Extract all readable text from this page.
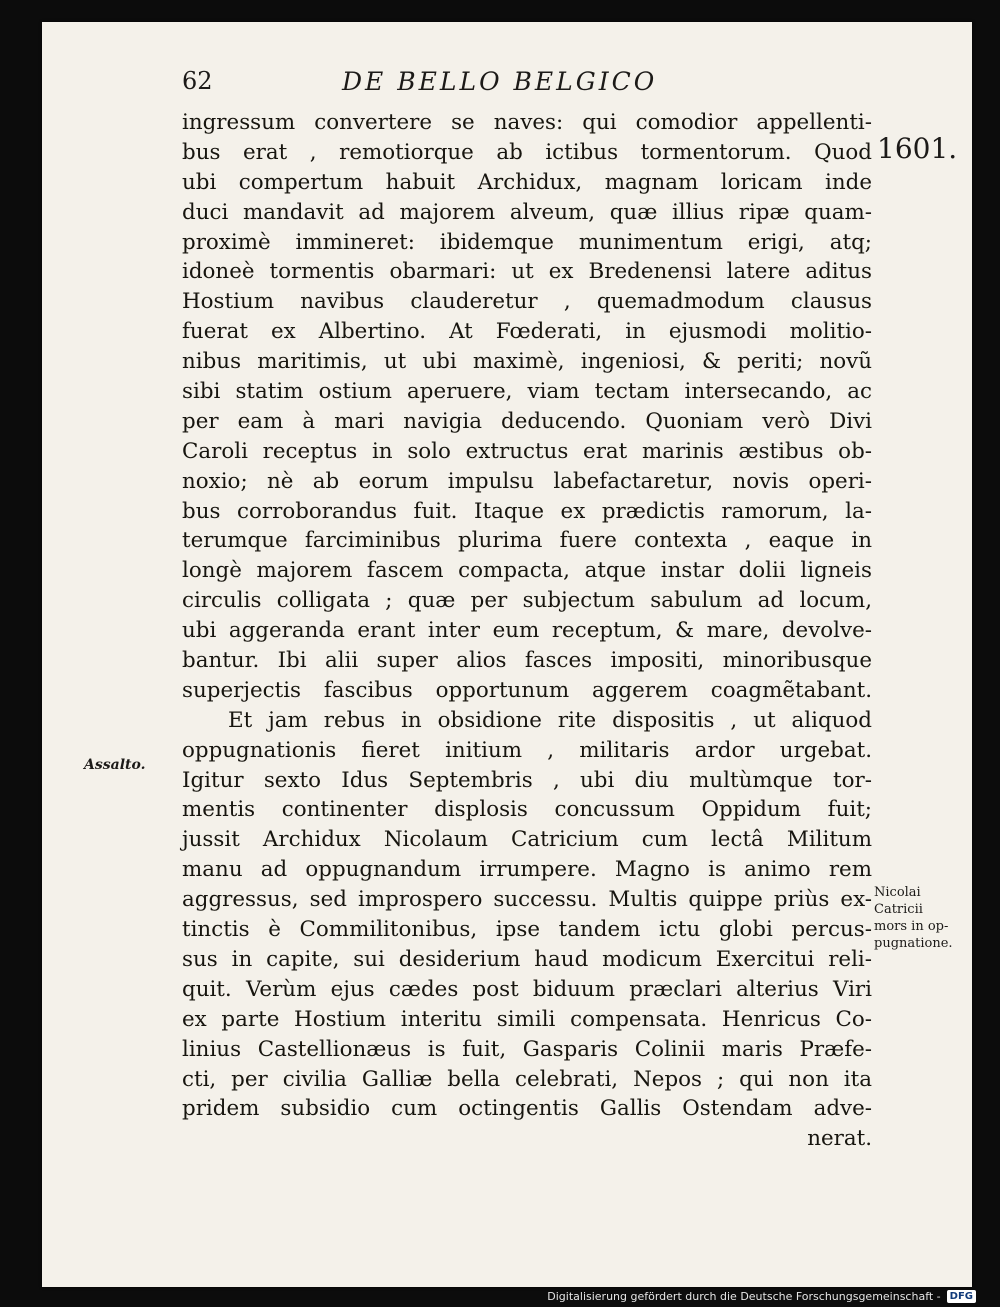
62	DE BELLO BELGICO
1601.
ingressum convertere se naves: qui comodior appellenti-
bus erat , remotiorque ab ictibus tormentorum. Quod
ubi compertum habuit Archidux, magnam loricam inde
duci mandavit ad majorem alveum, quæ illius ripæ quam-
proximè immineret: ibidemque munimentum erigi, atq;
idoneè tormentis obarmari: ut ex Bredenensi latere aditus
Hostium navibus clauderetur , quemadmodum clausus
fuerat ex Albertino. At Fœderati, in ejusmodi molitio-
nibus maritimis, ut ubi maximè, ingeniosi, & periti; novũ
sibi statim ostium aperuere, viam tectam intersecando, ac
per eam à mari navigia deducendo. Quoniam verò Divi
Caroli receptus in solo extructus erat marinis æstibus ob-
noxio; nè ab eorum impulsu labefactaretur, novis operi-
bus corroborandus fuit. Itaque ex prædictis ramorum, la-
terumque farciminibus plurima fuere contexta , eaque in
longè majorem fascem compacta, atque instar dolii ligneis
circulis colligata ; quæ per subjectum sabulum ad locum,
ubi aggeranda erant inter eum receptum, & mare, devolve-
bantur. Ibi alii super alios fasces impositi, minoribusque
superjectis fascibus opportunum aggerem coagmẽtabant.
Et jam rebus in obsidione rite dispositis , ut aliquod
oppugnationis fieret initium , militaris ardor urgebat.
Igitur sexto Idus Septembris , ubi diu multùmque tor-
mentis continenter displosis concussum Oppidum fuit;
jussit Archidux Nicolaum Catricium cum lectâ Militum
manu ad oppugnandum irrumpere. Magno is animo rem
aggressus, sed improspero successu. Multis quippe priùs ex-
tinctis è Commilitonibus, ipse tandem ictu globi percus-
sus in capite, sui desiderium haud modicum Exercitui reli-
quit. Verùm ejus cædes post biduum præclari alterius Viri
ex parte Hostium interitu simili compensata. Henricus Co-
linius Castellionæus is fuit, Gasparis Colinii maris Præfe-
cti, per civilia Galliæ bella celebrati, Nepos ; qui non ita
pridem subsidio cum octingentis Gallis Ostendam adve-
nerat.
Assalto.
Nicolai
Catricii
mors in op-
pugnatione.
Digitalisierung gefördert durch die Deutsche Forschungsgemeinschaft - DFG
